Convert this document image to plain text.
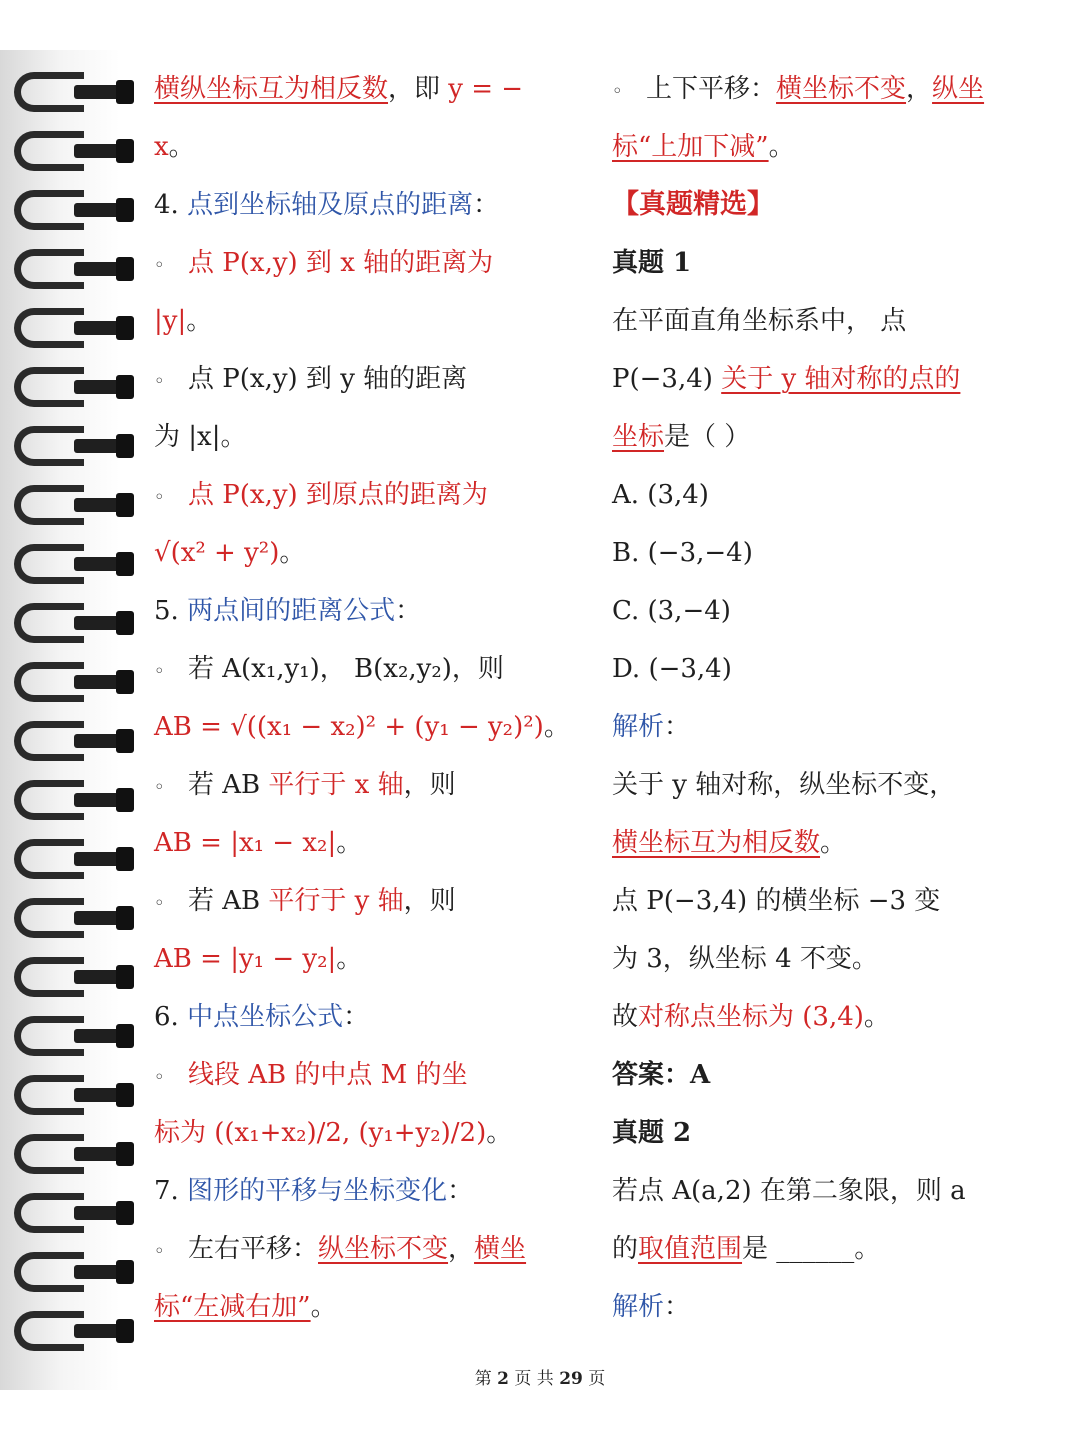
横纵坐标互为相反数，即 y = −
x。
4. 点到坐标轴及原点的距离：
◦ 点 P(x,y) 到 x 轴的距离为
|y|。
◦ 点 P(x,y) 到 y 轴的距离
为 |x|。
◦ 点 P(x,y) 到原点的距离为
√(x² + y²)。
5. 两点间的距离公式：
◦ 若 A(x₁,y₁)， B(x₂,y₂)，则
AB = √((x₁ − x₂)² + (y₁ − y₂)²)。
◦ 若 AB 平行于 x 轴，则
AB = |x₁ − x₂|。
◦ 若 AB 平行于 y 轴，则
AB = |y₁ − y₂|。
6. 中点坐标公式：
◦ 线段 AB 的中点 M 的坐
标为 ((x₁+x₂)/2, (y₁+y₂)/2)。
7. 图形的平移与坐标变化：
◦ 左右平移：纵坐标不变，横坐
标“左减右加”。
◦ 上下平移：横坐标不变，纵坐
标“上加下减”。
【真题精选】
真题 1
在平面直角坐标系中， 点
P(−3,4) 关于 y 轴对称的点的
坐标是（ ）
A. (3,4)
B. (−3,−4)
C. (3,−4)
D. (−3,4)
解析：
关于 y 轴对称，纵坐标不变，
横坐标互为相反数。
点 P(−3,4) 的横坐标 −3 变
为 3，纵坐标 4 不变。
故对称点坐标为 (3,4)。
答案：A
真题 2
若点 A(a,2) 在第二象限，则 a
的取值范围是 ______。
解析：
第 2 页 共 29 页
